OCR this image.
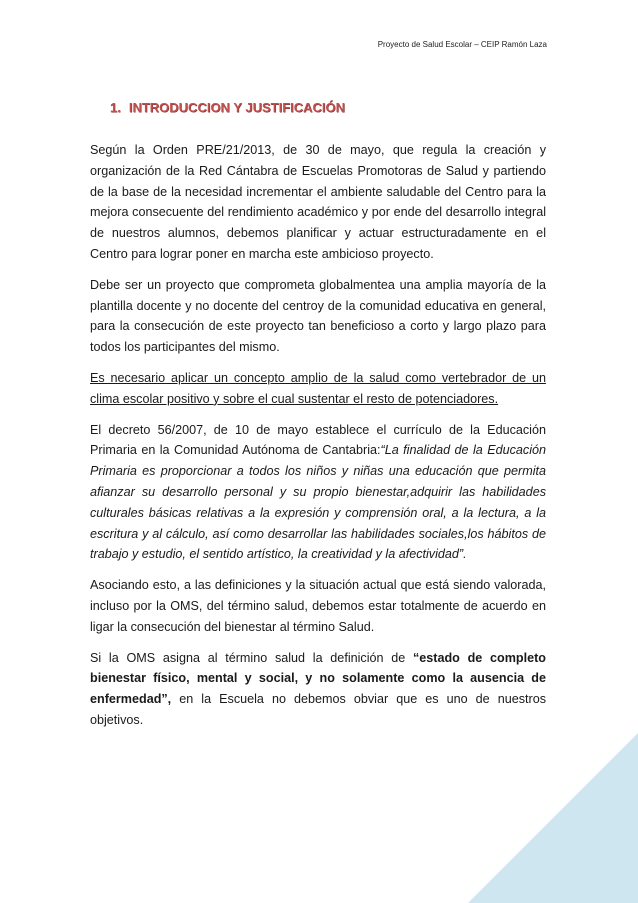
Proyecto de Salud Escolar – CEIP Ramón Laza
1. INTRODUCCION Y JUSTIFICACIÓN

Según la Orden PRE/21/2013, de 30 de mayo, que regula la creación y organización de la Red Cántabra de Escuelas Promotoras de Salud y partiendo de la base de la necesidad incrementar el ambiente saludable del Centro para la mejora consecuente del rendimiento académico y por ende del desarrollo integral de nuestros alumnos, debemos planificar y actuar estructuradamente en el Centro para lograr poner en marcha este ambicioso proyecto.

Debe ser un proyecto que comprometa globalmentea una amplia mayoría de la plantilla docente y no docente del centroy de la comunidad educativa en general, para la consecución de este proyecto tan beneficioso a corto y largo plazo para todos los participantes del mismo.

Es necesario aplicar un concepto amplio de la salud como vertebrador de un clima escolar positivo y sobre el cual sustentar el resto de potenciadores.

El decreto 56/2007, de 10 de mayo establece el currículo de la Educación Primaria en la Comunidad Autónoma de Cantabria:“La finalidad de la Educación Primaria es proporcionar a todos los niños y niñas una educación que permita afianzar su desarrollo personal y su propio bienestar,adquirir las habilidades culturales básicas relativas a la expresión y comprensión oral, a la lectura, a la escritura y al cálculo, así como desarrollar las habilidades sociales,los hábitos de trabajo y estudio, el sentido artístico, la creatividad y la afectividad”.

Asociando esto, a las definiciones y la situación actual que está siendo valorada, incluso por la OMS, del término salud, debemos estar totalmente de acuerdo en ligar la consecución del bienestar al término Salud.

Si la OMS asigna al término salud la definición de “estado de completo bienestar físico, mental y social, y no solamente como la ausencia de enfermedad”, en la Escuela no debemos obviar que es uno de nuestros objetivos.

29
